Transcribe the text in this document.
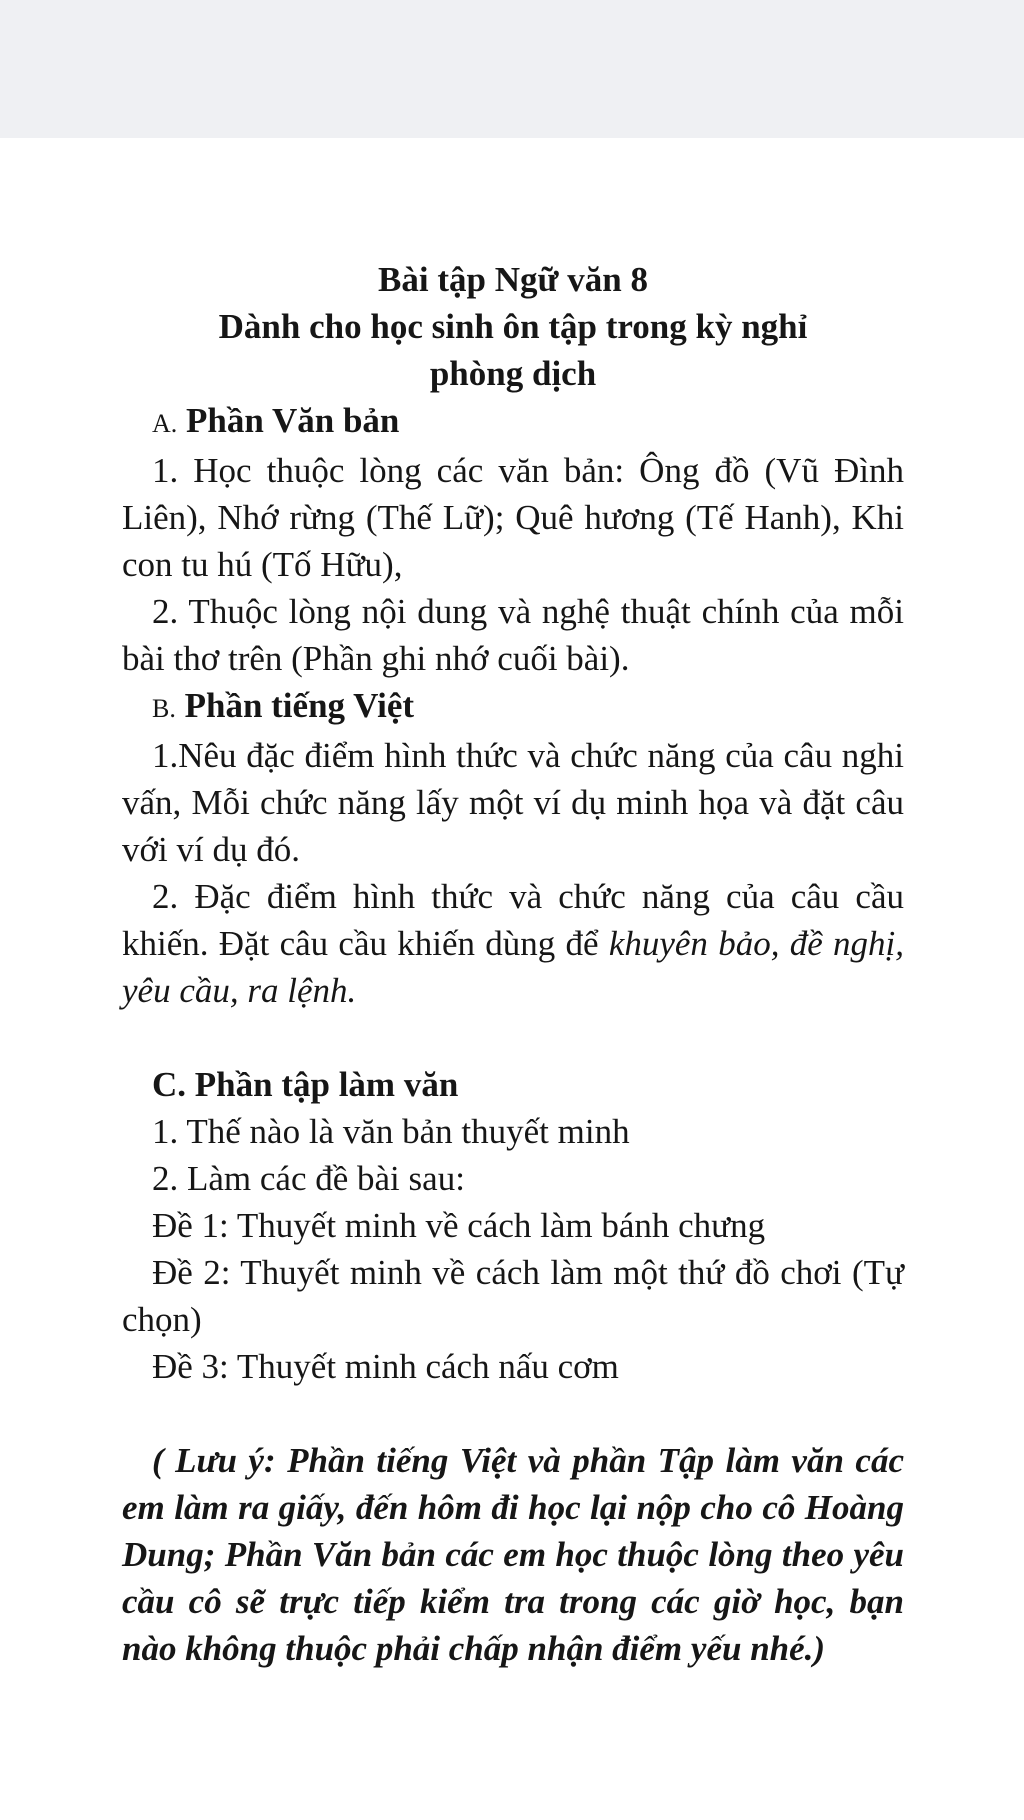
Bài tập Ngữ văn 8
Dành cho học sinh ôn tập trong kỳ nghỉ
phòng dịch
A. Phần Văn bản
1. Học thuộc lòng các văn bản: Ông đồ (Vũ Đình Liên), Nhớ rừng (Thế Lữ); Quê hương (Tế Hanh), Khi con tu hú (Tố Hữu),
2. Thuộc lòng nội dung và nghệ thuật chính của mỗi bài thơ trên (Phần ghi nhớ cuối bài).
B. Phần tiếng Việt
1.Nêu đặc điểm hình thức và chức năng của câu nghi vấn, Mỗi chức năng lấy một ví dụ minh họa và đặt câu với ví dụ đó.
2. Đặc điểm hình thức và chức năng của câu cầu khiến. Đặt câu cầu khiến dùng để khuyên bảo, đề nghị, yêu cầu, ra lệnh.
C. Phần tập làm văn
1. Thế nào là văn bản thuyết minh
2. Làm các đề bài sau:
Đề 1: Thuyết minh về cách làm bánh chưng
Đề 2: Thuyết minh về cách làm một thứ đồ chơi (Tự chọn)
Đề 3: Thuyết minh cách nấu cơm
( Lưu ý: Phần tiếng Việt và phần Tập làm văn các em làm ra giấy, đến hôm đi học lại nộp cho cô Hoàng Dung; Phần Văn bản các em học thuộc lòng theo yêu cầu cô sẽ trực tiếp kiểm tra trong các giờ học, bạn nào không thuộc phải chấp nhận điểm yếu nhé.)
